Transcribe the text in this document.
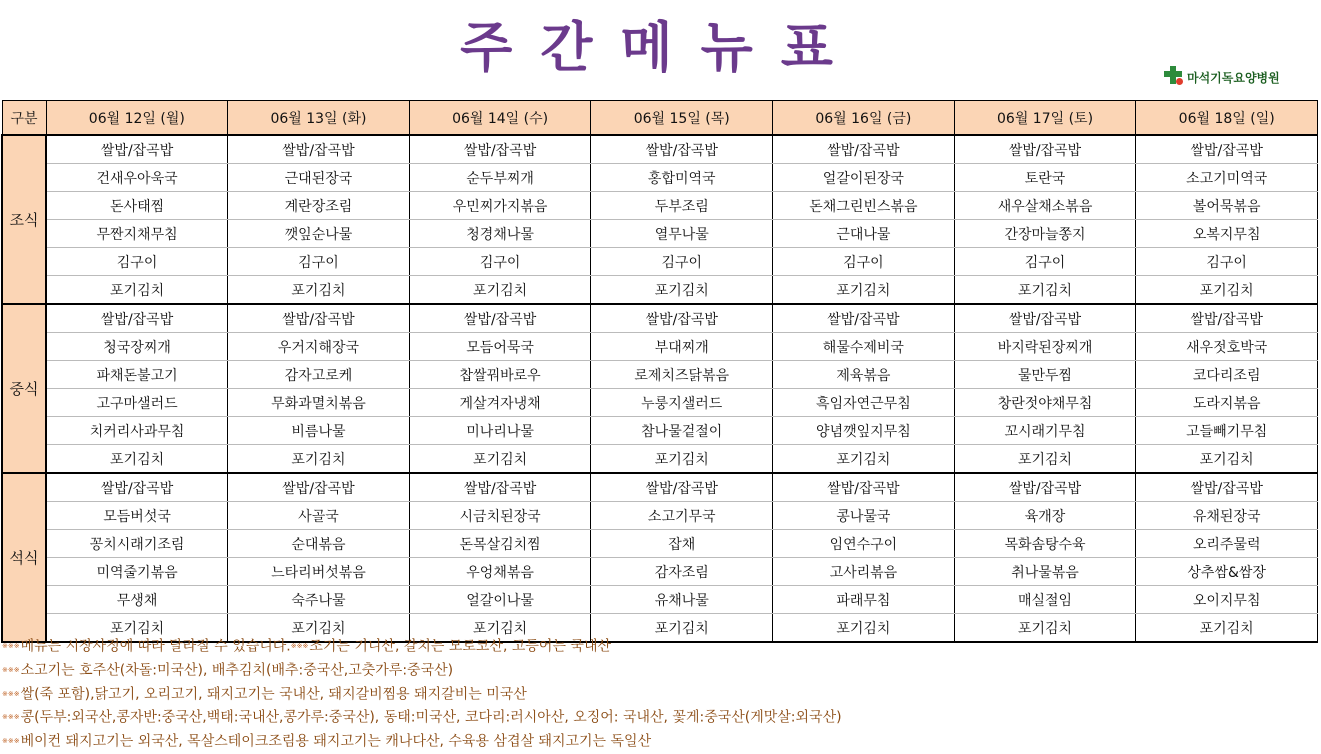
주간메뉴표	마석기독요양병원
구분	06월 12일 (월)	06월 13일 (화)	06월 14일 (수)	06월 15일 (목)	06월 16일 (금)	06월 17일 (토)	06월 18일 (일)
조식	쌀밥/잡곡밥	쌀밥/잡곡밥	쌀밥/잡곡밥	쌀밥/잡곡밥	쌀밥/잡곡밥	쌀밥/잡곡밥	쌀밥/잡곡밥
	건새우아욱국	근대된장국	순두부찌개	홍합미역국	얼갈이된장국	토란국	소고기미역국
	돈사태찜	계란장조림	우민찌가지볶음	두부조림	돈채그린빈스볶음	새우살채소볶음	볼어묵볶음
	무짠지채무침	깻잎순나물	청경채나물	열무나물	근대나물	간장마늘쫑지	오복지무침
	김구이	김구이	김구이	김구이	김구이	김구이	김구이
	포기김치	포기김치	포기김치	포기김치	포기김치	포기김치	포기김치
중식	쌀밥/잡곡밥	쌀밥/잡곡밥	쌀밥/잡곡밥	쌀밥/잡곡밥	쌀밥/잡곡밥	쌀밥/잡곡밥	쌀밥/잡곡밥
	청국장찌개	우거지해장국	모듬어묵국	부대찌개	해물수제비국	바지락된장찌개	새우젓호박국
	파채돈불고기	감자고로케	찹쌀꿔바로우	로제치즈닭볶음	제육볶음	물만두찜	코다리조림
	고구마샐러드	무화과멸치볶음	게살겨자냉채	누룽지샐러드	흑임자연근무침	창란젓야채무침	도라지볶음
	치커리사과무침	비름나물	미나리나물	참나물겉절이	양념깻잎지무침	꼬시래기무침	고들빼기무침
	포기김치	포기김치	포기김치	포기김치	포기김치	포기김치	포기김치
석식	쌀밥/잡곡밥	쌀밥/잡곡밥	쌀밥/잡곡밥	쌀밥/잡곡밥	쌀밥/잡곡밥	쌀밥/잡곡밥	쌀밥/잡곡밥
	모듬버섯국	사골국	시금치된장국	소고기무국	콩나물국	육개장	유채된장국
	꽁치시래기조림	순대볶음	돈목살김치찜	잡채	임연수구이	목화솜탕수육	오리주물럭
	미역줄기볶음	느타리버섯볶음	우엉채볶음	감자조림	고사리볶음	취나물볶음	상추쌈&쌈장
	무생채	숙주나물	얼갈이나물	유채나물	파래무침	매실절임	오이지무침
	포기김치	포기김치	포기김치	포기김치	포기김치	포기김치	포기김치
※※※메뉴는 시장사정에 따라 달라질 수 있습니다.※※※조기는 기니산, 갈치는 모로코산, 고등어는 국내산
※※※소고기는 호주산(차돌:미국산), 배추김치(배추:중국산,고춧가루:중국산)
※※※쌀(죽 포함),닭고기, 오리고기, 돼지고기는 국내산, 돼지갈비찜용 돼지갈비는 미국산
※※※콩(두부:외국산,콩자반:중국산,백태:국내산,콩가루:중국산), 동태:미국산, 코다리:러시아산, 오징어: 국내산, 꽃게:중국산(게맛살:외국산)
※※※베이컨 돼지고기는 외국산, 목살스테이크조림용 돼지고기는 캐나다산, 수육용 삼겹살 돼지고기는 독일산
